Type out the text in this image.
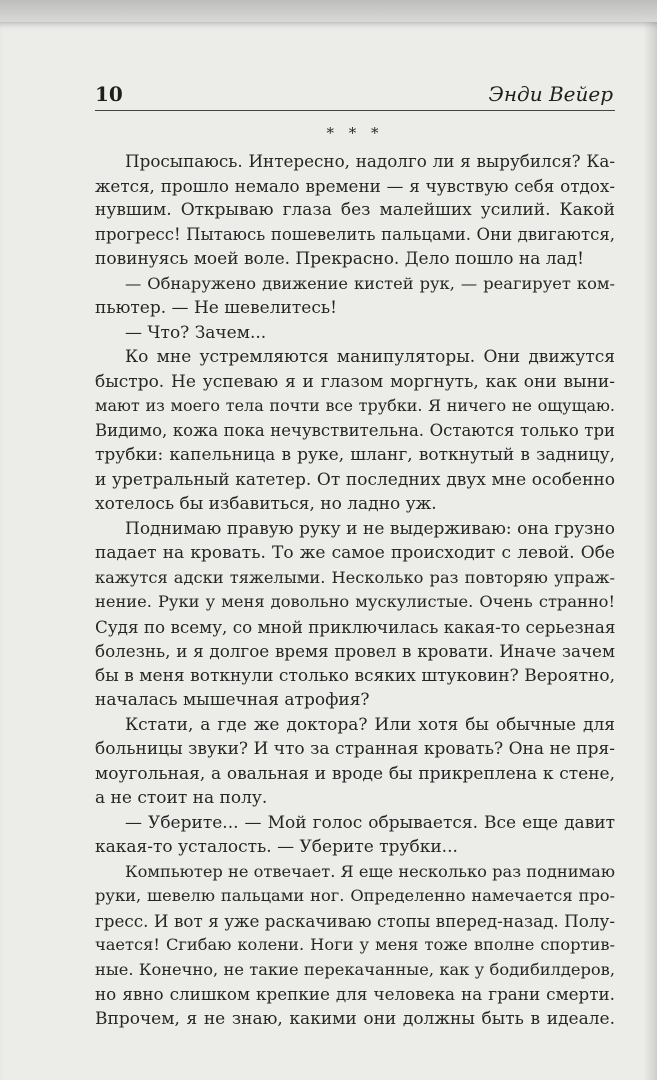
10	Энди Вейер
* * *
Просыпаюсь. Интересно, надолго ли я вырубился? Ка-
жется, прошло немало времени — я чувствую себя отдох-
нувшим. Открываю глаза без малейших усилий. Какой
прогресс! Пытаюсь пошевелить пальцами. Они двигаются,
повинуясь моей воле. Прекрасно. Дело пошло на лад!
— Обнаружено движение кистей рук, — реагирует ком-
пьютер. — Не шевелитесь!
— Что? Зачем...
Ко мне устремляются манипуляторы. Они движутся
быстро. Не успеваю я и глазом моргнуть, как они выни-
мают из моего тела почти все трубки. Я ничего не ощущаю.
Видимо, кожа пока нечувствительна. Остаются только три
трубки: капельница в руке, шланг, воткнутый в задницу,
и уретральный катетер. От последних двух мне особенно
хотелось бы избавиться, но ладно уж.
Поднимаю правую руку и не выдерживаю: она грузно
падает на кровать. То же самое происходит с левой. Обе
кажутся адски тяжелыми. Несколько раз повторяю упраж-
нение. Руки у меня довольно мускулистые. Очень странно!
Судя по всему, со мной приключилась какая-то серьезная
болезнь, и я долгое время провел в кровати. Иначе зачем
бы в меня воткнули столько всяких штуковин? Вероятно,
началась мышечная атрофия?
Кстати, а где же доктора? Или хотя бы обычные для
больницы звуки? И что за странная кровать? Она не пря-
моугольная, а овальная и вроде бы прикреплена к стене,
а не стоит на полу.
— Уберите... — Мой голос обрывается. Все еще давит
какая-то усталость. — Уберите трубки...
Компьютер не отвечает. Я еще несколько раз поднимаю
руки, шевелю пальцами ног. Определенно намечается про-
гресс. И вот я уже раскачиваю стопы вперед-назад. Полу-
чается! Сгибаю колени. Ноги у меня тоже вполне спортив-
ные. Конечно, не такие перекачанные, как у бодибилдеров,
но явно слишком крепкие для человека на грани смерти.
Впрочем, я не знаю, какими они должны быть в идеале.
